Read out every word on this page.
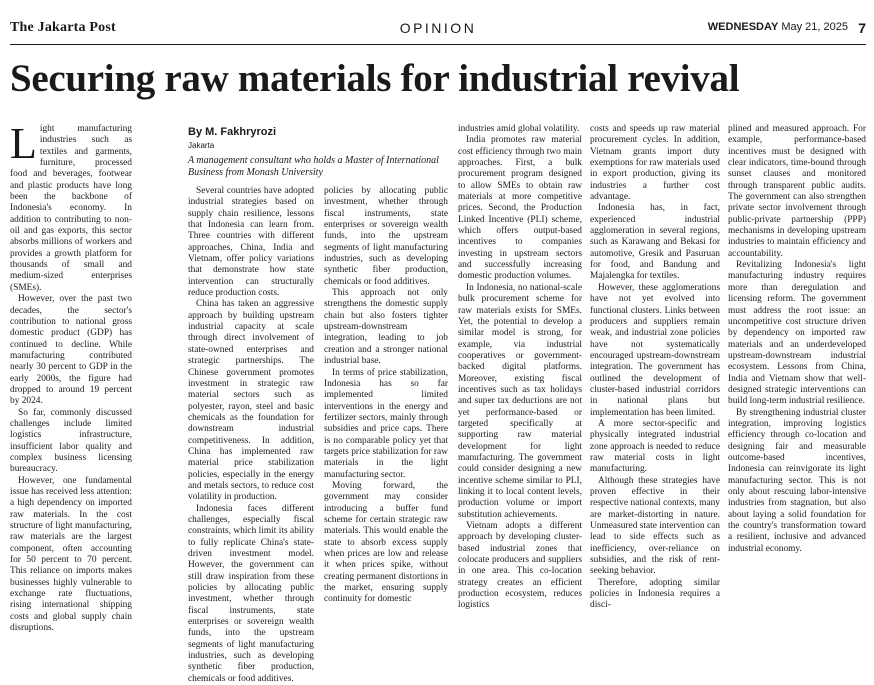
The Jakarta Post	OPINION	WEDNESDAY May 21, 2025 7
Securing raw materials for industrial revival

Light manufacturing industries such as textiles and garments, furniture, processed food and beverages, footwear and plastic products have long been the backbone of Indonesia's economy. In addition to contributing to non-oil and gas exports, this sector absorbs millions of workers and provides a growth platform for thousands of small and medium-sized enterprises (SMEs).

However, over the past two decades, the sector's contribution to national gross domestic product (GDP) has continued to decline. While manufacturing contributed nearly 30 percent to GDP in the early 2000s, the figure had dropped to around 19 percent by 2024.

So far, commonly discussed challenges include limited logistics infrastructure, insufficient labor quality and complex business licensing bureaucracy.

However, one fundamental issue has received less attention: a high dependency on imported raw materials. In the cost structure of light manufacturing, raw materials are the largest component, often accounting for 50 percent to 70 percent. This reliance on imports makes businesses highly vulnerable to exchange rate fluctuations, rising international shipping costs and global supply chain disruptions.

By M. Fakhryrozi
Jakarta
A management consultant who holds a Master of International Business from Monash University

Several countries have adopted industrial strategies based on supply chain resilience, lessons that Indonesia can learn from. Three countries with different approaches, China, India and Vietnam, offer policy variations that demonstrate how state intervention can structurally reduce production costs.

China has taken an aggressive approach by building upstream industrial capacity at scale through direct involvement of state-owned enterprises and strategic partnerships. The Chinese government promotes investment in strategic raw material sectors such as polyester, rayon, steel and basic chemicals as the foundation for downstream industrial competitiveness. In addition, China has implemented raw material price stabilization policies, especially in the energy and metals sectors, to reduce cost volatility in production.

Indonesia faces different challenges, especially fiscal constraints, which limit its ability to fully replicate China's state-driven investment model. However, the government can still draw inspiration from these policies by allocating public investment, whether through fiscal instruments, state enterprises or sovereign wealth funds, into the upstream segments of light manufacturing industries, such as developing synthetic fiber production, chemicals or food additives.

policies by allocating public investment, whether through fiscal instruments, state enterprises or sovereign wealth funds, into the upstream segments of light manufacturing industries, such as developing synthetic fiber production, chemicals or food additives.

This approach not only strengthens the domestic supply chain but also fosters tighter upstream-downstream integration, leading to job creation and a stronger national industrial base.

In terms of price stabilization, Indonesia has so far implemented limited interventions in the energy and fertilizer sectors, mainly through subsidies and price caps. There is no comparable policy yet that targets price stabilization for raw materials in the light manufacturing sector.

Moving forward, the government may consider introducing a buffer fund scheme for certain strategic raw materials. This would enable the state to absorb excess supply when prices are low and release it when prices spike, without creating permanent distortions in the market, ensuring supply continuity for domestic

industries amid global volatility.

India promotes raw material cost efficiency through two main approaches. First, a bulk procurement program designed to allow SMEs to obtain raw materials at more competitive prices. Second, the Production Linked Incentive (PLI) scheme, which offers output-based incentives to companies investing in upstream sectors and successfully increasing domestic production volumes.

In Indonesia, no national-scale bulk procurement scheme for raw materials exists for SMEs. Yet, the potential to develop a similar model is strong, for example, via industrial cooperatives or government-backed digital platforms. Moreover, existing fiscal incentives such as tax holidays and super tax deductions are not yet performance-based or targeted specifically at supporting raw material development for light manufacturing. The government could consider designing a new incentive scheme similar to PLI, linking it to local content levels, production volume or import substitution achievements.

Vietnam adopts a different approach by developing cluster-based industrial zones that colocate producers and suppliers in one area. This co-location strategy creates an efficient production ecosystem, reduces logistics

costs and speeds up raw material procurement cycles. In addition, Vietnam grants import duty exemptions for raw materials used in export production, giving its industries a further cost advantage.

Indonesia has, in fact, experienced industrial agglomeration in several regions, such as Karawang and Bekasi for automotive, Gresik and Pasuruan for food, and Bandung and Majalengka for textiles.

However, these agglomerations have not yet evolved into functional clusters. Links between producers and suppliers remain weak, and industrial zone policies have not systematically encouraged upstream-downstream integration. The government has outlined the development of cluster-based industrial corridors in national plans but implementation has been limited.

A more sector-specific and physically integrated industrial zone approach is needed to reduce raw material costs in light manufacturing.

Although these strategies have proven effective in their respective national contexts, many are market-distorting in nature. Unmeasured state intervention can lead to side effects such as inefficiency, over-reliance on subsidies, and the risk of rent-seeking behavior.

Therefore, adopting similar policies in Indonesia requires a disci-

plined and measured approach. For example, performance-based incentives must be designed with clear indicators, time-bound through sunset clauses and monitored through transparent public audits. The government can also strengthen private sector involvement through public-private partnership (PPP) mechanisms in developing upstream industries to maintain efficiency and accountability.

Revitalizing Indonesia's light manufacturing industry requires more than deregulation and licensing reform. The government must address the root issue: an uncompetitive cost structure driven by dependency on imported raw materials and an underdeveloped upstream-downstream industrial ecosystem. Lessons from China, India and Vietnam show that well-designed strategic interventions can build long-term industrial resilience.

By strengthening industrial cluster integration, improving logistics efficiency through co-location and designing fair and measurable outcome-based incentives, Indonesia can reinvigorate its light manufacturing sector. This is not only about rescuing labor-intensive industries from stagnation, but also about laying a solid foundation for the country's transformation toward a resilient, inclusive and advanced industrial economy.
